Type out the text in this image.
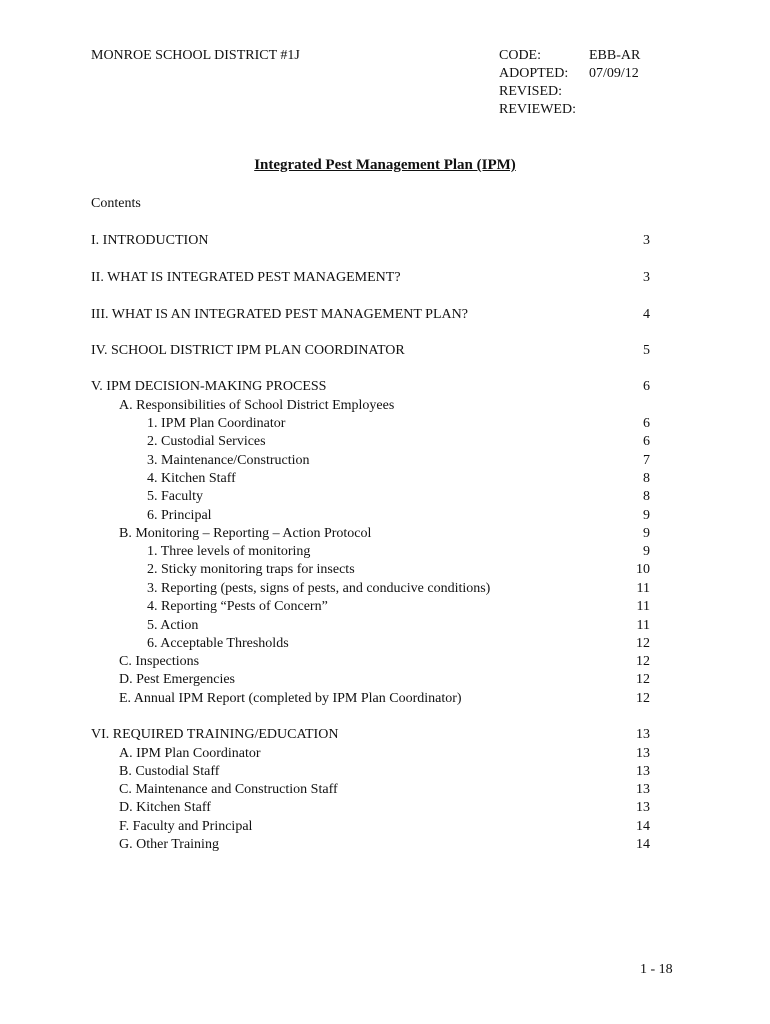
MONROE SCHOOL DISTRICT #1J	CODE:	EBB-AR
ADOPTED: 07/09/12
REVISED:
REVIEWED:
Integrated Pest Management Plan (IPM)
Contents
I. INTRODUCTION	3
II. WHAT IS INTEGRATED PEST MANAGEMENT?	3
III. WHAT IS AN INTEGRATED PEST MANAGEMENT PLAN?	4
IV. SCHOOL DISTRICT IPM PLAN COORDINATOR	5
V. IPM DECISION-MAKING PROCESS	6
A. Responsibilities of School District Employees
1. IPM Plan Coordinator	6
2. Custodial Services	6
3. Maintenance/Construction	7
4. Kitchen Staff	8
5. Faculty	8
6. Principal	9
B. Monitoring – Reporting – Action Protocol	9
1. Three levels of monitoring	9
2. Sticky monitoring traps for insects	10
3. Reporting (pests, signs of pests, and conducive conditions)	11
4. Reporting “Pests of Concern”	11
5. Action	11
6. Acceptable Thresholds	12
C. Inspections	12
D. Pest Emergencies	12
E. Annual IPM Report (completed by IPM Plan Coordinator)	12
VI. REQUIRED TRAINING/EDUCATION	13
A. IPM Plan Coordinator	13
B. Custodial Staff	13
C. Maintenance and Construction Staff	13
D. Kitchen Staff	13
F. Faculty and Principal	14
G. Other Training	14
1 - 18
